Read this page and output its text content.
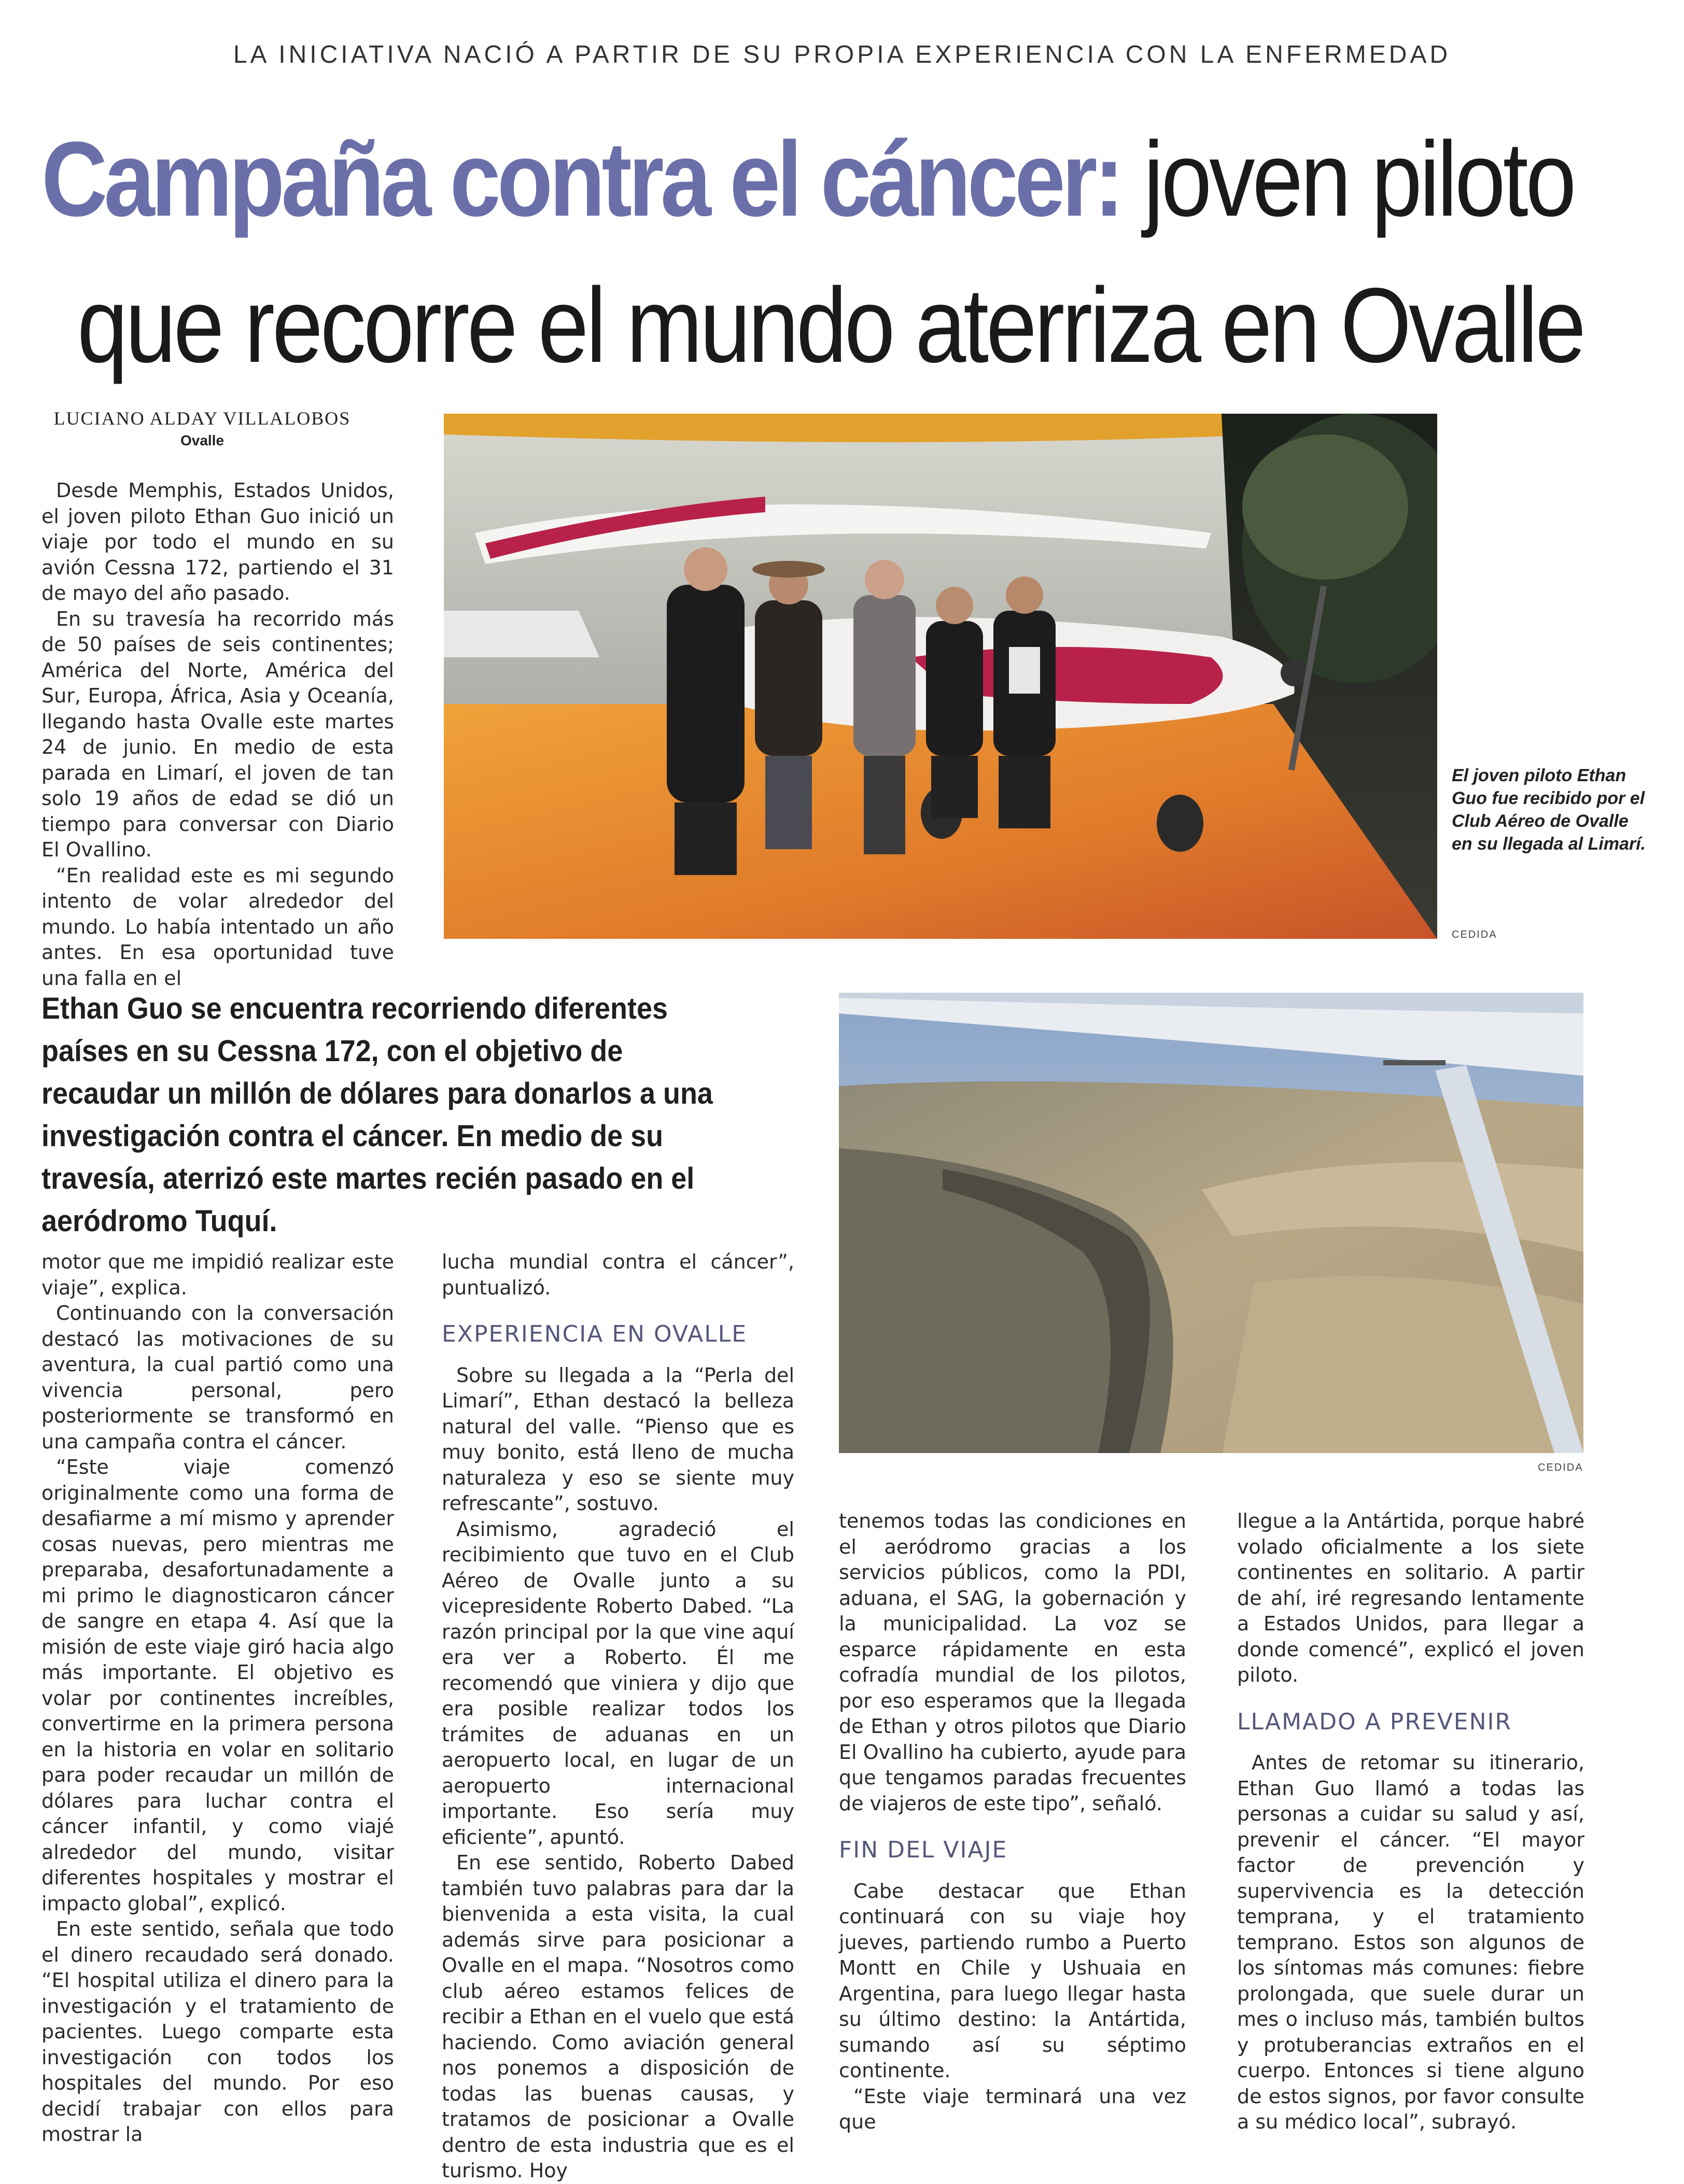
LA INICIATIVA NACIÓ A PARTIR DE SU PROPIA EXPERIENCIA CON LA ENFERMEDAD
Campaña contra el cáncer: joven piloto
que recorre el mundo aterriza en Ovalle
LUCIANO ALDAY VILLALOBOS
Ovalle

Desde Memphis, Estados Unidos, el joven piloto Ethan Guo inició un viaje por todo el mundo en su avión Cessna 172, partiendo el 31 de mayo del año pasado.

En su travesía ha recorrido más de 50 países de seis continentes; América del Norte, América del Sur, Europa, África, Asia y Oceanía, llegando hasta Ovalle este martes 24 de junio. En medio de esta parada en Limarí, el joven de tan solo 19 años de edad se dió un tiempo para conversar con Diario El Ovallino.

“En realidad este es mi segundo intento de volar alrededor del mundo. Lo había intentado un año antes. En esa oportunidad tuve una falla en el

El joven piloto Ethan Guo fue recibido por el Club Aéreo de Ovalle en su llegada al Limarí.
CEDIDA
Ethan Guo se encuentra recorriendo diferentes países en su Cessna 172, con el objetivo de recaudar un millón de dólares para donarlos a una investigación contra el cáncer. En medio de su travesía, aterrizó este martes recién pasado en el aeródromo Tuquí.
CEDIDA

motor que me impidió realizar este viaje”, explica.

Continuando con la conversación destacó las motivaciones de su aventura, la cual partió como una vivencia personal, pero posteriormente se transformó en una campaña contra el cáncer.

“Este viaje comenzó originalmente como una forma de desafiarme a mí mismo y aprender cosas nuevas, pero mientras me preparaba, desafortunadamente a mi primo le diagnosticaron cáncer de sangre en etapa 4. Así que la misión de este viaje giró hacia algo más importante. El objetivo es volar por continentes increíbles, convertirme en la primera persona en la historia en volar en solitario para poder recaudar un millón de dólares para luchar contra el cáncer infantil, y como viajé alrededor del mundo, visitar diferentes hospitales y mostrar el impacto global”, explicó.

En este sentido, señala que todo el dinero recaudado será donado. “El hospital utiliza el dinero para la investigación y el tratamiento de pacientes. Luego comparte esta investigación con todos los hospitales del mundo. Por eso decidí trabajar con ellos para mostrar la

lucha mundial contra el cáncer”, puntualizó.

EXPERIENCIA EN OVALLE

Sobre su llegada a la “Perla del Limarí”, Ethan destacó la belleza natural del valle. “Pienso que es muy bonito, está lleno de mucha naturaleza y eso se siente muy refrescante”, sostuvo.

Asimismo, agradeció el recibimiento que tuvo en el Club Aéreo de Ovalle junto a su vicepresidente Roberto Dabed. “La razón principal por la que vine aquí era ver a Roberto. Él me recomendó que viniera y dijo que era posible realizar todos los trámites de aduanas en un aeropuerto local, en lugar de un aeropuerto internacional importante. Eso sería muy eficiente”, apuntó.

En ese sentido, Roberto Dabed también tuvo palabras para dar la bienvenida a esta visita, la cual además sirve para posicionar a Ovalle en el mapa. “Nosotros como club aéreo estamos felices de recibir a Ethan en el vuelo que está haciendo. Como aviación general nos ponemos a disposición de todas las buenas causas, y tratamos de posicionar a Ovalle dentro de esta industria que es el turismo. Hoy

tenemos todas las condiciones en el aeródromo gracias a los servicios públicos, como la PDI, aduana, el SAG, la gobernación y la municipalidad. La voz se esparce rápidamente en esta cofradía mundial de los pilotos, por eso esperamos que la llegada de Ethan y otros pilotos que Diario El Ovallino ha cubierto, ayude para que tengamos paradas frecuentes de viajeros de este tipo”, señaló.

FIN DEL VIAJE

Cabe destacar que Ethan continuará con su viaje hoy jueves, partiendo rumbo a Puerto Montt en Chile y Ushuaia en Argentina, para luego llegar hasta su último destino: la Antártida, sumando así su séptimo continente.

“Este viaje terminará una vez que

llegue a la Antártida, porque habré volado oficialmente a los siete continentes en solitario. A partir de ahí, iré regresando lentamente a Estados Unidos, para llegar a donde comencé”, explicó el joven piloto.

LLAMADO A PREVENIR

Antes de retomar su itinerario, Ethan Guo llamó a todas las personas a cuidar su salud y así, prevenir el cáncer. “El mayor factor de prevención y supervivencia es la detección temprana, y el tratamiento temprano. Estos son algunos de los síntomas más comunes: fiebre prolongada, que suele durar un mes o incluso más, también bultos y protuberancias extraños en el cuerpo. Entonces si tiene alguno de estos signos, por favor consulte a su médico local”, subrayó.
